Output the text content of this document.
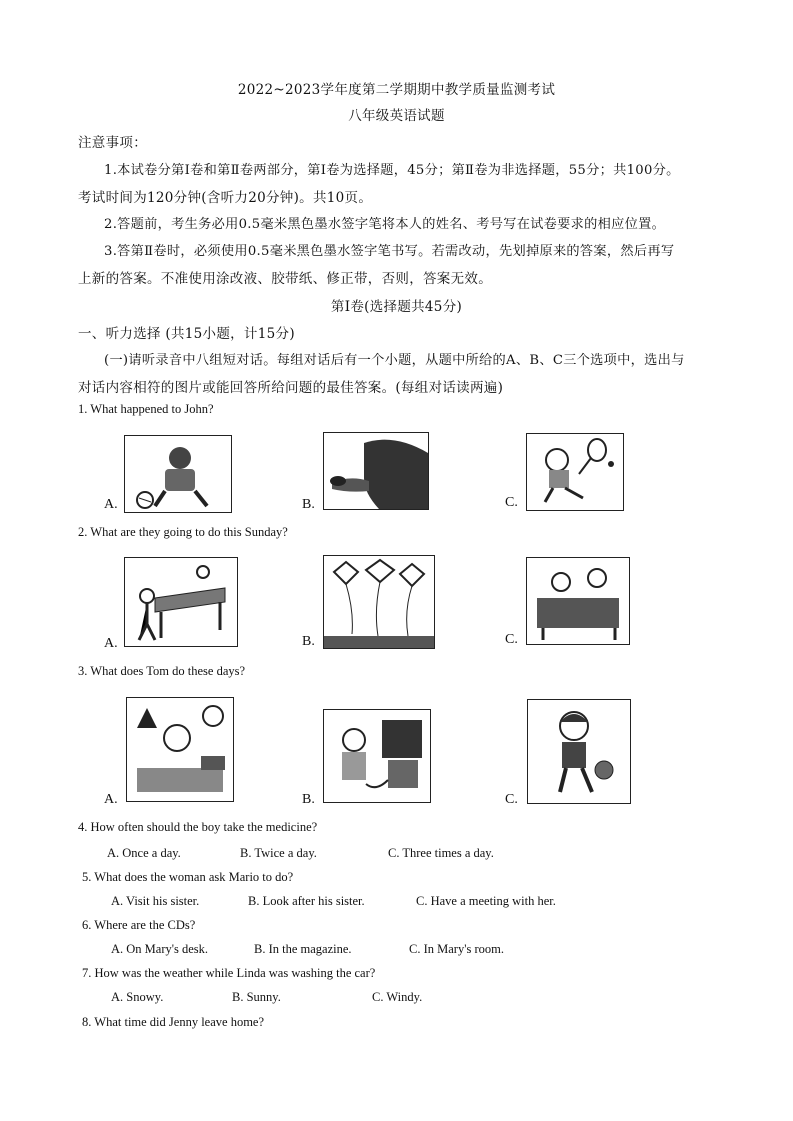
2022~2023学年度第二学期期中教学质量监测考试
八年级英语试题
注意事项：
1.本试卷分第Ⅰ卷和第Ⅱ卷两部分，第Ⅰ卷为选择题，45分；第Ⅱ卷为非选择题，55分；共100分。
考试时间为120分钟(含听力20分钟)。共10页。
2.答题前，考生务必用0.5毫米黑色墨水签字笔将本人的姓名、考号写在试卷要求的相应位置。
3.答第Ⅱ卷时，必须使用0.5毫米黑色墨水签字笔书写。若需改动，先划掉原来的答案，然后再写
上新的答案。不准使用涂改液、胶带纸、修正带，否则，答案无效。
第Ⅰ卷(选择题共45分)
一、听力选择 (共15小题，计15分)
(一)请听录音中八组短对话。每组对话后有一个小题，从题中所给的A、B、C三个选项中，选出与
对话内容相符的图片或能回答所给问题的最佳答案。(每组对话读两遍)
1. What happened to John?
A.	B.	C.
2. What are they going to do this Sunday?
A.	B.	C.
3. What does Tom do these days?
A.	B.	C.
4. How often should the boy take the medicine?
A. Once a day.	B. Twice a day.	C. Three times a day.
5. What does the woman ask Mario to do?
A. Visit his sister.	B. Look after his sister.	C. Have a meeting with her.
6. Where are the CDs?
A. On Mary's desk.	B. In the magazine.	C. In Mary's room.
7. How was the weather while Linda was washing the car?
A. Snowy.	B. Sunny.	C. Windy.
8. What time did Jenny leave home?
